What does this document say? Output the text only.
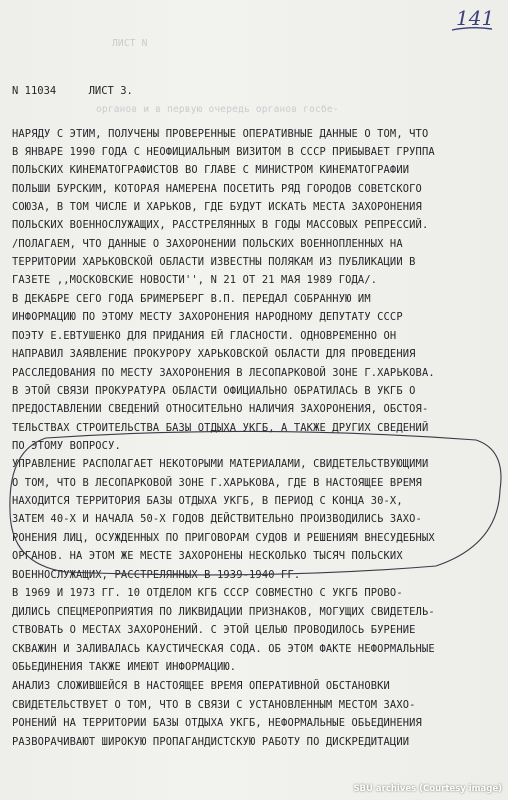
ЛИСТ N
органов и в первую очередь органов госбе-
141
N 11034	ЛИСТ 3.
НАРЯДУ С ЭТИМ, ПОЛУЧЕНЫ ПРОВЕРЕННЫЕ ОПЕРАТИВНЫЕ ДАННЫЕ О ТОМ, ЧТО
В ЯНВАРЕ 1990 ГОДА С НЕОФИЦИАЛЬНЫМ ВИЗИТОМ В СССР ПРИБЫВАЕТ ГРУППА
ПОЛЬСКИХ КИНЕМАТОГРАФИСТОВ ВО ГЛАВЕ С МИНИСТРОМ КИНЕМАТОГРАФИИ
ПОЛЬШИ БУРСКИМ, КОТОРАЯ НАМЕРЕНА ПОСЕТИТЬ РЯД ГОРОДОВ СОВЕТСКОГО
СОЮЗА, В ТОМ ЧИСЛЕ И ХАРЬКОВ, ГДЕ БУДУТ ИСКАТЬ МЕСТА ЗАХОРОНЕНИЯ
ПОЛЬСКИХ ВОЕННОСЛУЖАЩИХ, РАССТРЕЛЯННЫХ В ГОДЫ МАССОВЫХ РЕПРЕССИЙ.
/ПОЛАГАЕМ, ЧТО ДАННЫЕ О ЗАХОРОНЕНИИ ПОЛЬСКИХ ВОЕННОПЛЕННЫХ НА
ТЕРРИТОРИИ ХАРЬКОВСКОЙ ОБЛАСТИ ИЗВЕСТНЫ ПОЛЯКАМ ИЗ ПУБЛИКАЦИИ В
ГАЗЕТЕ ,,МОСКОВСКИЕ НОВОСТИ'', N 21 ОТ 21 МАЯ 1989 ГОДА/.
В ДЕКАБРЕ СЕГО ГОДА БРИМЕРБЕРГ В.П. ПЕРЕДАЛ СОБРАННУЮ ИМ
ИНФОРМАЦИЮ ПО ЭТОМУ МЕСТУ ЗАХОРОНЕНИЯ НАРОДНОМУ ДЕПУТАТУ СССР
ПОЭТУ Е.ЕВТУШЕНКО ДЛЯ ПРИДАНИЯ ЕЙ ГЛАСНОСТИ. ОДНОВРЕМЕННО ОН
НАПРАВИЛ ЗАЯВЛЕНИЕ ПРОКУРОРУ ХАРЬКОВСКОЙ ОБЛАСТИ ДЛЯ ПРОВЕДЕНИЯ
РАССЛЕДОВАНИЯ ПО МЕСТУ ЗАХОРОНЕНИЯ В ЛЕСОПАРКОВОЙ ЗОНЕ Г.ХАРЬКОВА.
В ЭТОЙ СВЯЗИ ПРОКУРАТУРА ОБЛАСТИ ОФИЦИАЛЬНО ОБРАТИЛАСЬ В УКГБ О
ПРЕДОСТАВЛЕНИИ СВЕДЕНИЙ ОТНОСИТЕЛЬНО НАЛИЧИЯ ЗАХОРОНЕНИЯ, ОБСТОЯ-
ТЕЛЬСТВАХ СТРОИТЕЛЬСТВА БАЗЫ ОТДЫХА УКГБ, А ТАКЖЕ ДРУГИХ СВЕДЕНИЙ
ПО ЭТОМУ ВОПРОСУ.
УПРАВЛЕНИЕ РАСПОЛАГАЕТ НЕКОТОРЫМИ МАТЕРИАЛАМИ, СВИДЕТЕЛЬСТВУЮЩИМИ
О ТОМ, ЧТО В ЛЕСОПАРКОВОЙ ЗОНЕ Г.ХАРЬКОВА, ГДЕ В НАСТОЯЩЕЕ ВРЕМЯ
НАХОДИТСЯ ТЕРРИТОРИЯ БАЗЫ ОТДЫХА УКГБ, В ПЕРИОД С КОНЦА 30-Х,
ЗАТЕМ 40-Х И НАЧАЛА 50-Х ГОДОВ ДЕЙСТВИТЕЛЬНО ПРОИЗВОДИЛИСЬ ЗАХО-
РОНЕНИЯ ЛИЦ, ОСУЖДЕННЫХ ПО ПРИГОВОРАМ СУДОВ И РЕШЕНИЯМ ВНЕСУДЕБНЫХ
ОРГАНОВ. НА ЭТОМ ЖЕ МЕСТЕ ЗАХОРОНЕНЫ НЕСКОЛЬКО ТЫСЯЧ ПОЛЬСКИХ
ВОЕННОСЛУЖАЩИХ, РАССТРЕЛЯННЫХ В 1939-1940 ГГ.
В 1969 И 1973 ГГ. 10 ОТДЕЛОМ КГБ СССР СОВМЕСТНО С УКГБ ПРОВО-
ДИЛИСЬ СПЕЦМЕРОПРИЯТИЯ ПО ЛИКВИДАЦИИ ПРИЗНАКОВ, МОГУЩИХ СВИДЕТЕЛЬ-
СТВОВАТЬ О МЕСТАХ ЗАХОРОНЕНИЙ. С ЭТОЙ ЦЕЛЬЮ ПРОВОДИЛОСЬ БУРЕНИЕ
СКВАЖИН И ЗАЛИВАЛАСЬ КАУСТИЧЕСКАЯ СОДА. ОБ ЭТОМ ФАКТЕ НЕФОРМАЛЬНЫЕ
ОБЬЕДИНЕНИЯ ТАКЖЕ ИМЕЮТ ИНФОРМАЦИЮ.
АНАЛИЗ СЛОЖИВШЕЙСЯ В НАСТОЯЩЕЕ ВРЕМЯ ОПЕРАТИВНОЙ ОБСТАНОВКИ
СВИДЕТЕЛЬСТВУЕТ О ТОМ, ЧТО В СВЯЗИ С УСТАНОВЛЕННЫМ МЕСТОМ ЗАХО-
РОНЕНИЙ НА ТЕРРИТОРИИ БАЗЫ ОТДЫХА УКГБ, НЕФОРМАЛЬНЫЕ ОБЬЕДИНЕНИЯ
РАЗВОРАЧИВАЮТ ШИРОКУЮ ПРОПАГАНДИСТСКУЮ РАБОТУ ПО ДИСКРЕДИТАЦИИ
SBU archives (Courtesy image)
